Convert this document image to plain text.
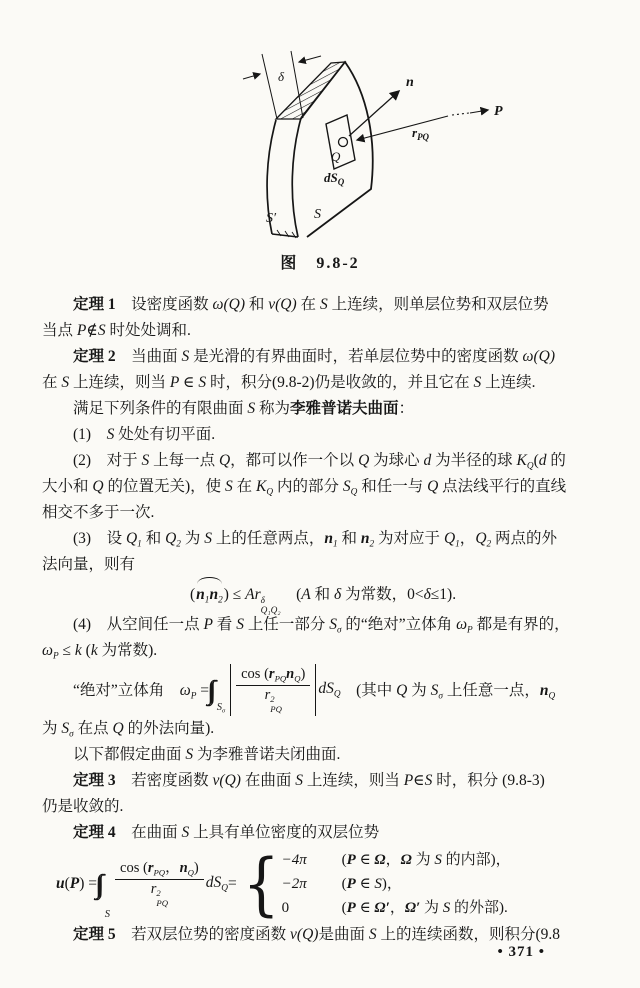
δ
Q
$dS_Q$
n
$r_{PQ}$
P
S′	S
图　9.8-2
定理 1　设密度函数 ω(Q) 和 ν(Q) 在 S 上连续，则单层位势和双层位势
当点 P∉S 时处处调和.
定理 2　当曲面 S 是光滑的有界曲面时，若单层位势中的密度函数 ω(Q)
在 S 上连续，则当 P ∈ S 时，积分(9.8-2)仍是收敛的，并且它在 S 上连续.
满足下列条件的有限曲面 S 称为李雅普诺夫曲面：
(1)　S 处处有切平面.
(2)　对于 S 上每一点 Q，都可以作一个以 Q 为球心 d 为半径的球 $K_Q(d$ 的
大小和 Q 的位置无关)，使 S 在 $K_Q$ 内的部分 $S_Q$ 和任一与 Q 点法线平行的直线
相交不多于一次.
(3)　设 $Q_1$ 和 $Q_2$ 为 S 上的任意两点，$n_1$ 和 $n_2$ 为对应于 $Q_1$，$Q_2$ 两点的外
法向量，则有
(
$n_1n_2) \le Ar$ δ
Q₁Q₂
　(A 和 δ 为常数，0<δ≤1).
(4)　从空间任一点 P 看 S 上任一部分 $S_\sigma$ 的“绝对”立体角 $\omega_P$ 都是有界的，
$\omega_P \le k$ (k 为常数).
“绝对”立体角　$\omega_P$ =
$S_\sigma$ $\cos (r_{PQ}n_Q)$
r 2
PQ $dS_Q$ 　(其中 Q 为 $S_\sigma$ 上任意一点，$n_Q$
为 $S_\sigma$ 在点 Q 的外法向量).
以下都假定曲面 S 为李雅普诺夫闭曲面.
定理 3　若密度函数 ν(Q) 在曲面 S 上连续，则当 P∈S 时，积分 (9.8-3)
仍是收敛的.
定理 4　在曲面 S 上具有单位密度的双层位势
u(P) =
S
$\cos (r_{PQ}$，$n_Q$)
r 2
PQ $dS_Q$ = { −4π	(P ∈ Ω，Ω 为 S 的内部)，
−2π	(P ∈ S)，
0	(P ∈ Ω′，Ω′ 为 S 的外部).
定理 5　若双层位势的密度函数 ν(Q)是曲面 S 上的连续函数，则积分(9.8
• 371 •
